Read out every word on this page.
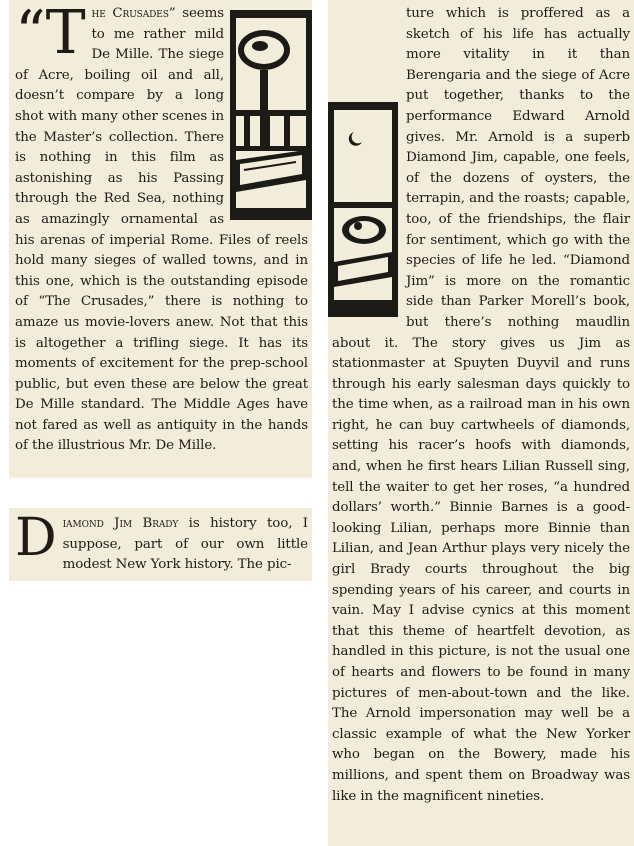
“T he Crusades” seems to me rather mild De Mille. The siege of Acre, boiling oil and all, doesn’t compare by a long shot with many other scenes in the Master’s collection. There is nothing in this film as astonishing as his Passing through the Red Sea, nothing as amazingly ornamental as his arenas of imperial Rome. Files of reels hold many sieges of walled towns, and in this one, which is the outstanding episode of “The Crusades,” there is nothing to amaze us movie-lovers anew. Not that this is altogether a trifling siege. It has its moments of excitement for the prep-school public, but even these are below the great De Mille standard. The Middle Ages have not fared as well as antiquity in the hands of the illustrious Mr. De Mille.

D iamond Jim Brady is history too, I suppose, part of our own little modest New York history. The pic-

ture which is proffered as a sketch of his life has actually more vitality in it than Berengaria and the siege of Acre put together, thanks to the performance Edward Arnold gives. Mr. Arnold is a superb Diamond Jim, capable, one feels, of the dozens of oysters, the terrapin, and the roasts; capable, too, of the friendships, the flair for sentiment, which go with the species of life he led. “Diamond Jim” is more on the romantic side than Parker Morell’s book, but there’s nothing maudlin about it. The story gives us Jim as stationmaster at Spuyten Duyvil and runs through his early salesman days quickly to the time when, as a railroad man in his own right, he can buy cartwheels of diamonds, setting his racer’s hoofs with diamonds, and, when he first hears Lilian Russell sing, tell the waiter to get her roses, “a hundred dollars’ worth.” Binnie Barnes is a good-looking Lilian, perhaps more Binnie than Lilian, and Jean Arthur plays very nicely the girl Brady courts throughout the big spending years of his career, and courts in vain. May I advise cynics at this moment that this theme of heartfelt devotion, as handled in this picture, is not the usual one of hearts and flowers to be found in many pictures of men-about-town and the like. The Arnold impersonation may well be a classic example of what the New Yorker who began on the Bowery, made his millions, and spent them on Broadway was like in the magnificent nineties.
